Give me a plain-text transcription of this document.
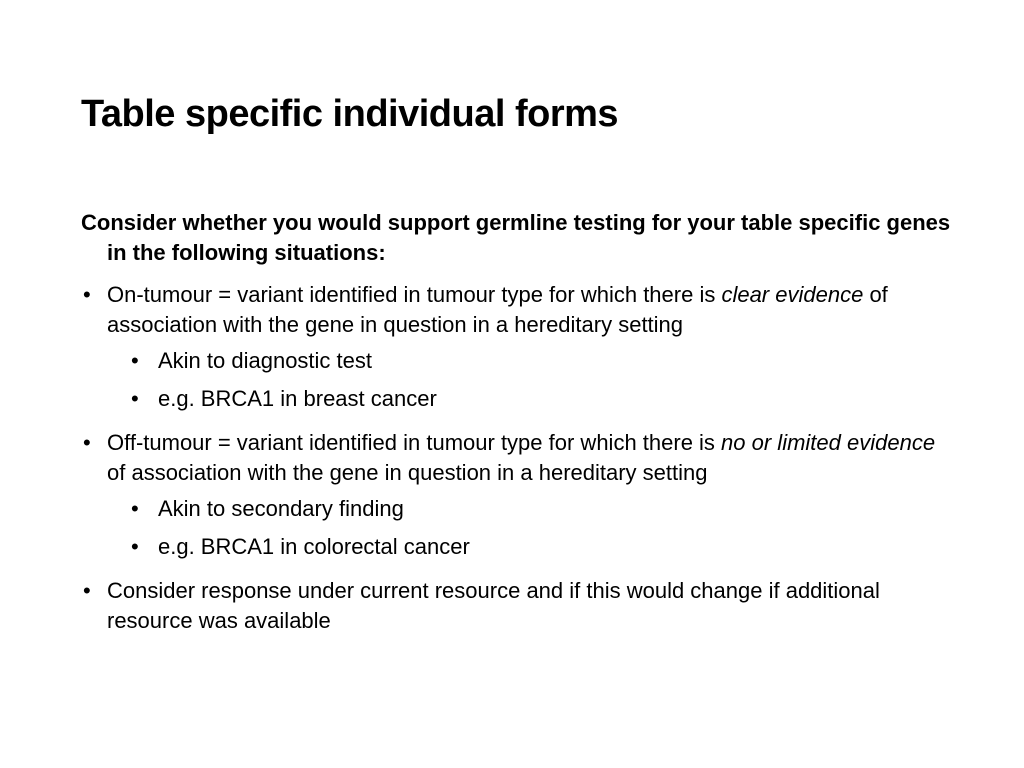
Table specific individual forms

Consider whether you would support germline testing for your table specific genes in the following situations:

• On-tumour = variant identified in tumour type for which there is clear evidence of association with the gene in question in a hereditary setting
• Akin to diagnostic test
• e.g. BRCA1 in breast cancer
• Off-tumour = variant identified in tumour type for which there is no or limited evidence of association with the gene in question in a hereditary setting
• Akin to secondary finding
• e.g. BRCA1 in colorectal cancer
• Consider response under current resource and if this would change if additional resource was available
